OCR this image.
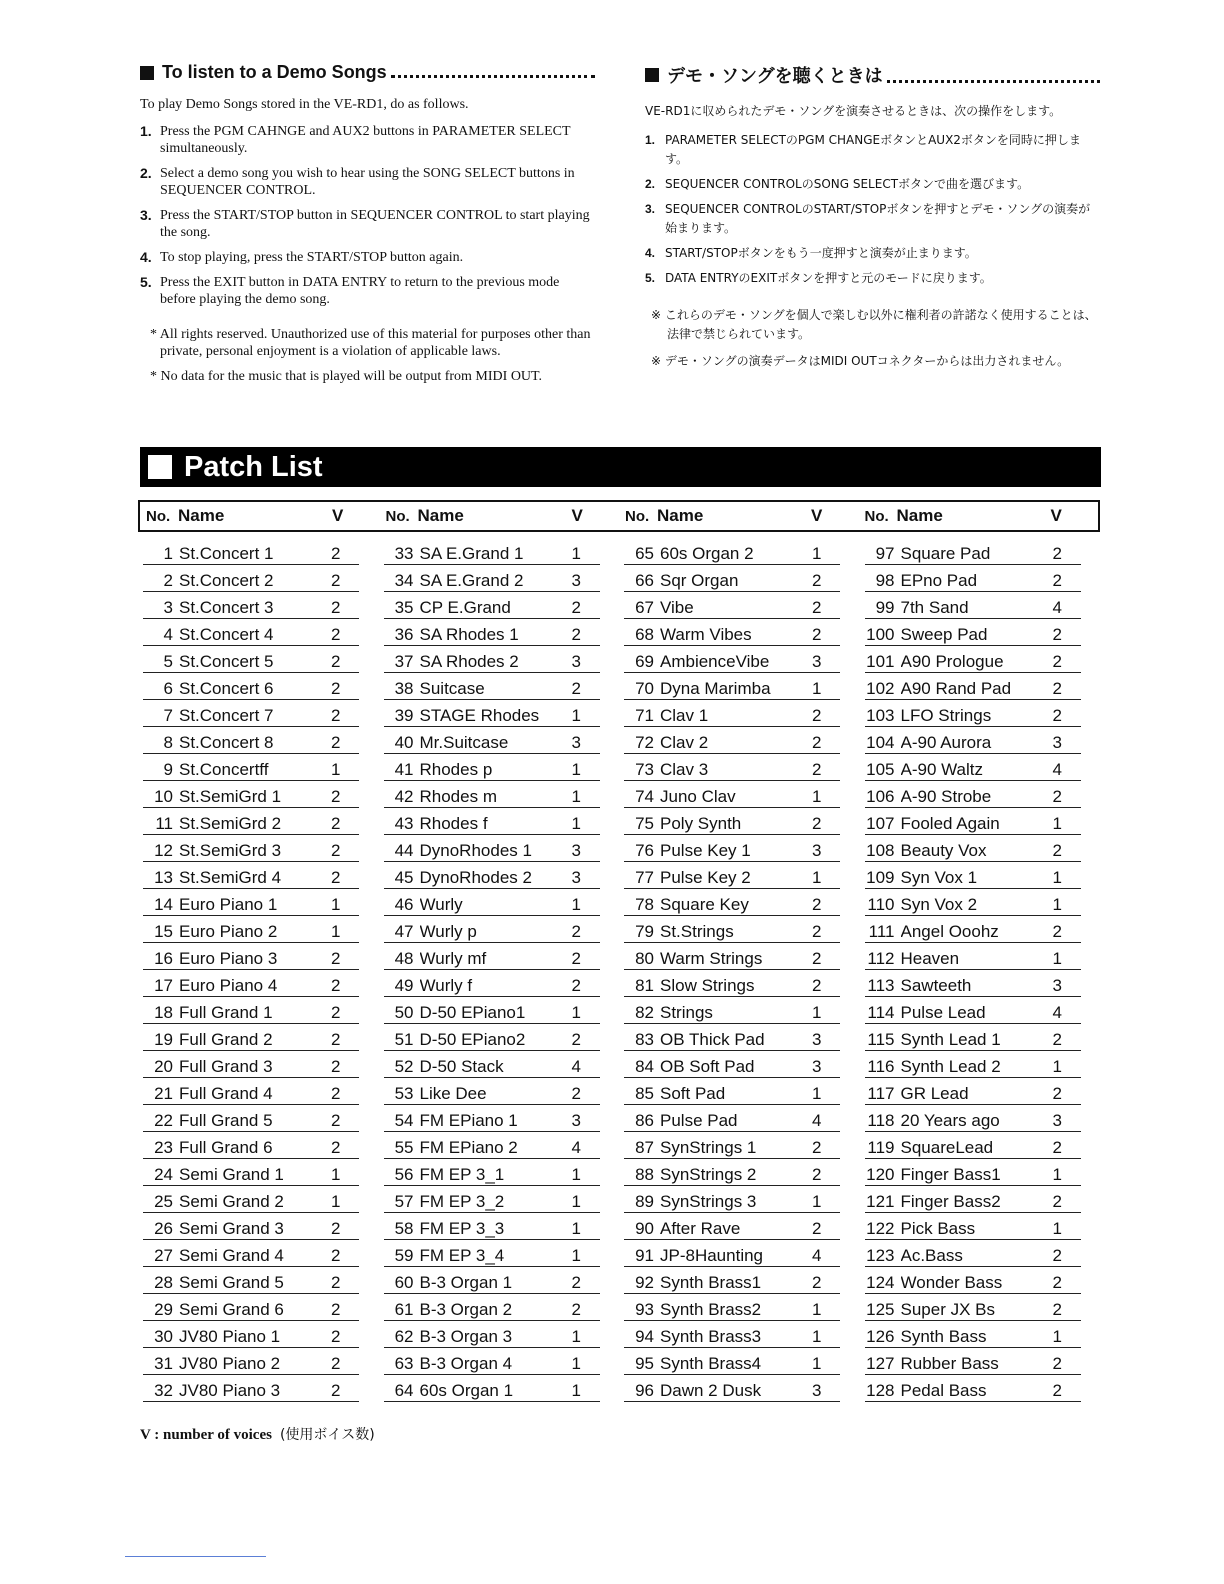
To listen to a Demo Songs

To play Demo Songs stored in the VE-RD1, do as follows.

1. Press the PGM CAHNGE and AUX2 buttons in PARAMETER SELECT simultaneously.
2. Select a demo song you wish to hear using the SONG SELECT buttons in SEQUENCER CONTROL.
3. Press the START/STOP button in SEQUENCER CONTROL to start playing the song.
4. To stop playing, press the START/STOP button again.
5. Press the EXIT button in DATA ENTRY to return to the previous mode before playing the demo song.

* All rights reserved. Unauthorized use of this material for purposes other than private, personal enjoyment is a violation of applicable laws.

* No data for the music that is played will be output from MIDI OUT.

デモ・ソングを聴くときは

VE-RD1に収められたデモ・ソングを演奏させるときは、次の操作をします。

1. PARAMETER SELECTのPGM CHANGEボタンとAUX2ボタンを同時に押します。
2. SEQUENCER CONTROLのSONG SELECTボタンで曲を選びます。
3. SEQUENCER CONTROLのSTART/STOPボタンを押すとデモ・ソングの演奏が始まります。
4. START/STOPボタンをもう一度押すと演奏が止まります。
5. DATA ENTRYのEXITボタンを押すと元のモードに戻ります。

※ これらのデモ・ソングを個人で楽しむ以外に権利者の許諾なく使用することは、法律で禁じられています。

※ デモ・ソングの演奏データはMIDI OUTコネクターからは出力されません。

Patch List
No. Name	V	No. Name	V	No. Name	V	No. Name	V
1 St.Concert 1	2
2 St.Concert 2	2
3 St.Concert 3	2
4 St.Concert 4	2
5 St.Concert 5	2
6 St.Concert 6	2
7 St.Concert 7	2
8 St.Concert 8	2
9 St.Concertff	1
10 St.SemiGrd 1	2
11 St.SemiGrd 2	2
12 St.SemiGrd 3	2
13 St.SemiGrd 4	2
14 Euro Piano 1	1
15 Euro Piano 2	1
16 Euro Piano 3	2
17 Euro Piano 4	2
18 Full Grand 1	2
19 Full Grand 2	2
20 Full Grand 3	2
21 Full Grand 4	2
22 Full Grand 5	2
23 Full Grand 6	2
24 Semi Grand 1	1
25 Semi Grand 2	1
26 Semi Grand 3	2
27 Semi Grand 4	2
28 Semi Grand 5	2
29 Semi Grand 6	2
30 JV80 Piano 1	2
31 JV80 Piano 2	2
32 JV80 Piano 3	2
33 SA E.Grand 1	1
34 SA E.Grand 2	3
35 CP E.Grand	2
36 SA Rhodes 1	2
37 SA Rhodes 2	3
38 Suitcase	2
39 STAGE Rhodes	1
40 Mr.Suitcase	3
41 Rhodes p	1
42 Rhodes m	1
43 Rhodes f	1
44 DynoRhodes 1	3
45 DynoRhodes 2	3
46 Wurly	1
47 Wurly p	2
48 Wurly mf	2
49 Wurly f	2
50 D-50 EPiano1	1
51 D-50 EPiano2	2
52 D-50 Stack	4
53 Like Dee	2
54 FM EPiano 1	3
55 FM EPiano 2	4
56 FM EP 3_1	1
57 FM EP 3_2	1
58 FM EP 3_3	1
59 FM EP 3_4	1
60 B-3 Organ 1	2
61 B-3 Organ 2	2
62 B-3 Organ 3	1
63 B-3 Organ 4	1
64 60s Organ 1	1
65 60s Organ 2	1
66 Sqr Organ	2
67 Vibe	2
68 Warm Vibes	2
69 AmbienceVibe	3
70 Dyna Marimba	1
71 Clav 1	2
72 Clav 2	2
73 Clav 3	2
74 Juno Clav	1
75 Poly Synth	2
76 Pulse Key 1	3
77 Pulse Key 2	1
78 Square Key	2
79 St.Strings	2
80 Warm Strings	2
81 Slow Strings	2
82 Strings	1
83 OB Thick Pad	3
84 OB Soft Pad	3
85 Soft Pad	1
86 Pulse Pad	4
87 SynStrings 1	2
88 SynStrings 2	2
89 SynStrings 3	1
90 After Rave	2
91 JP-8Haunting	4
92 Synth Brass1	2
93 Synth Brass2	1
94 Synth Brass3	1
95 Synth Brass4	1
96 Dawn 2 Dusk	3
97 Square Pad	2
98 EPno Pad	2
99 7th Sand	4
100 Sweep Pad	2
101 A90 Prologue	2
102 A90 Rand Pad	2
103 LFO Strings	2
104 A-90 Aurora	3
105 A-90 Waltz	4
106 A-90 Strobe	2
107 Fooled Again	1
108 Beauty Vox	2
109 Syn Vox 1	1
110 Syn Vox 2	1
111 Angel Ooohz	2
112 Heaven	1
113 Sawteeth	3
114 Pulse Lead	4
115 Synth Lead 1	2
116 Synth Lead 2	1
117 GR Lead	2
118 20 Years ago	3
119 SquareLead	2
120 Finger Bass1	1
121 Finger Bass2	2
122 Pick Bass	1
123 Ac.Bass	2
124 Wonder Bass	2
125 Super JX Bs	2
126 Synth Bass	1
127 Rubber Bass	2
128 Pedal Bass	2
V : number of voices (使用ボイス数)
